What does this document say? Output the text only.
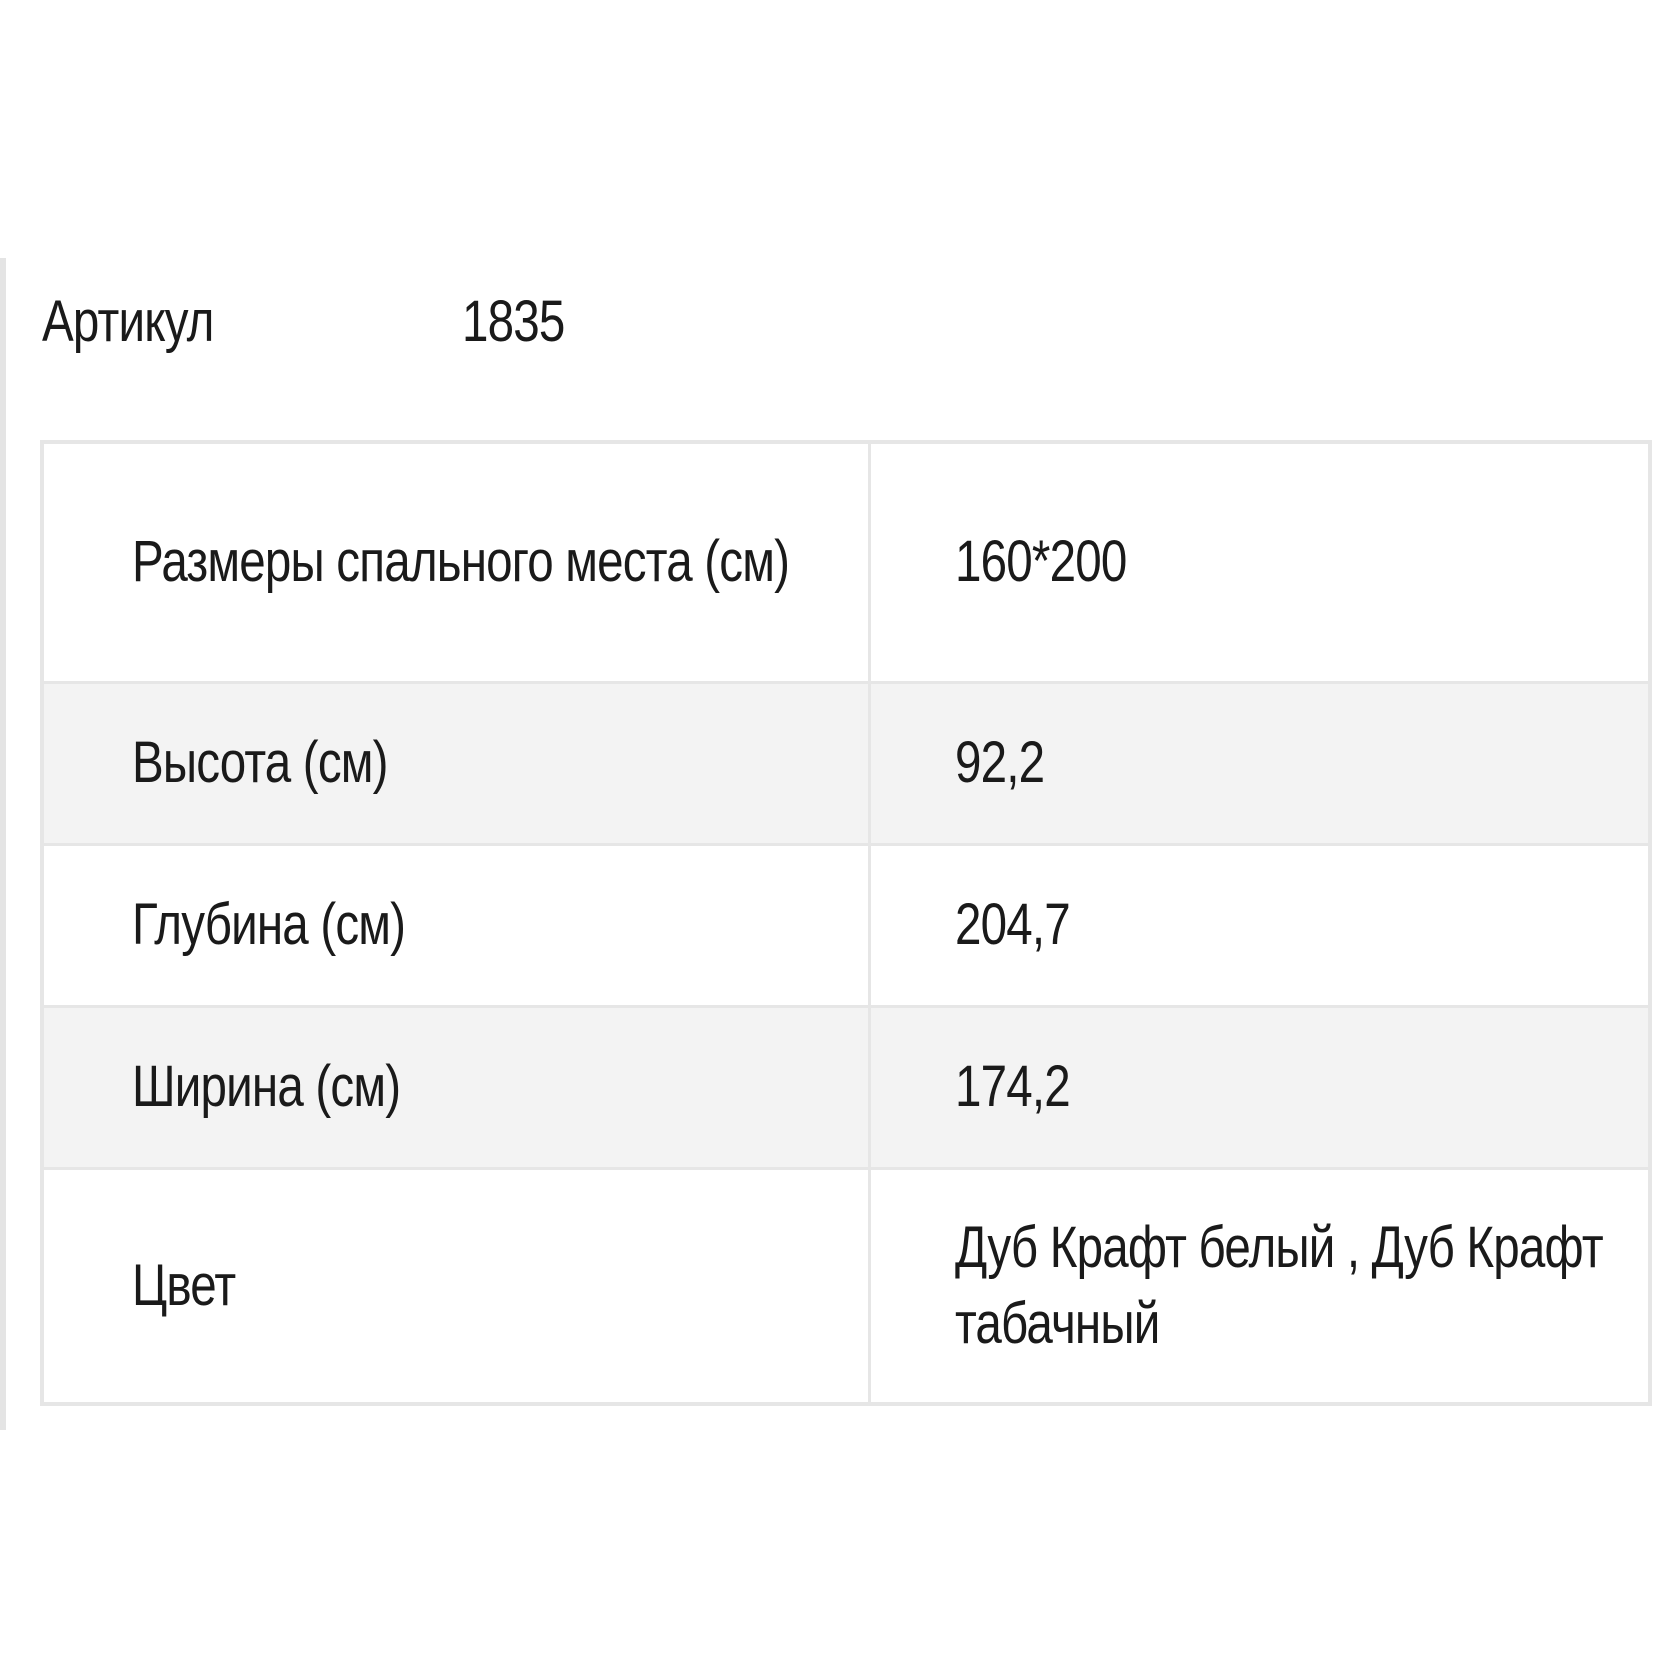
Артикул	1835
Размеры спального места (см)	160*200
Высота (см)	92,2
Глубина (см)	204,7
Ширина (см)	174,2
Цвет	Дуб Крафт белый , Дуб Крафт табачный
